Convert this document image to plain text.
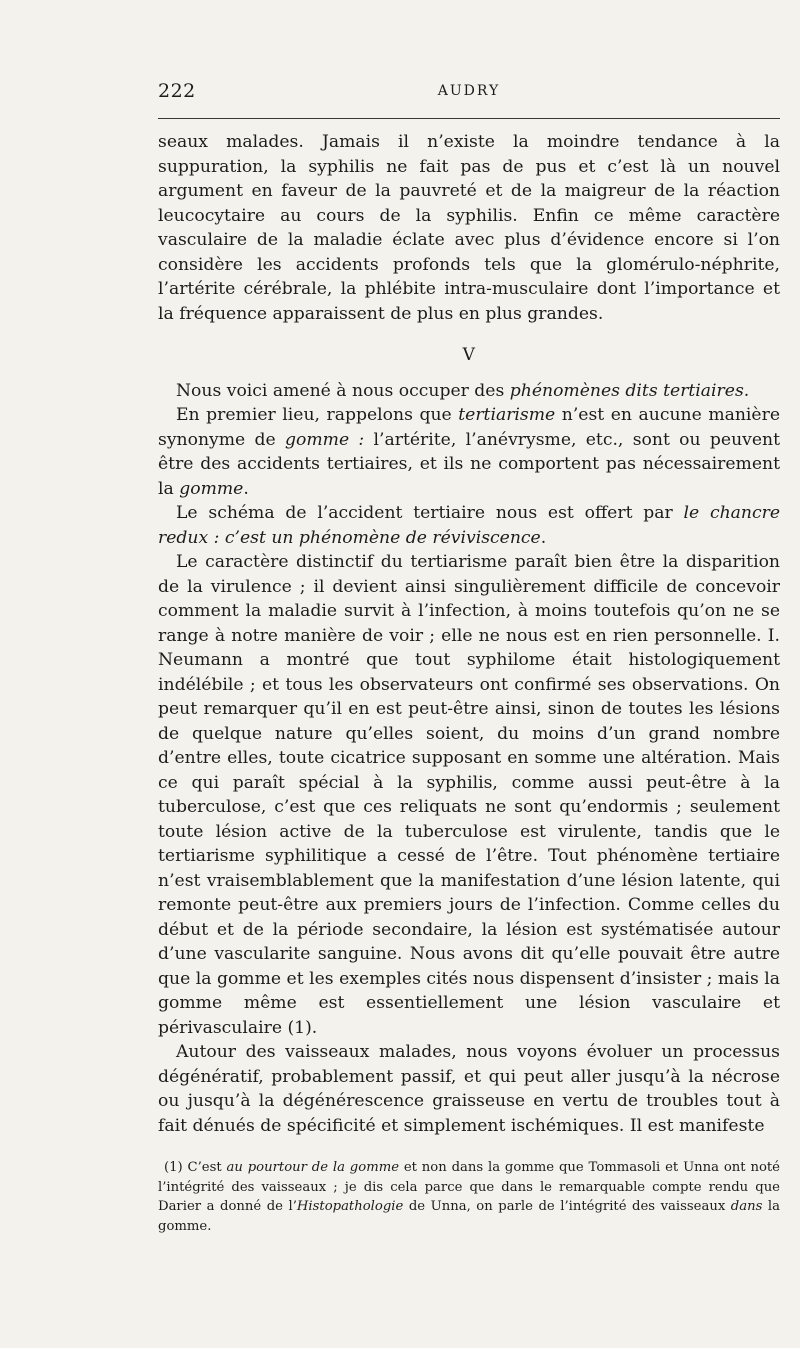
222	AUDRY

seaux malades. Jamais il n’existe la moindre tendance à la suppuration, la syphilis ne fait pas de pus et c’est là un nouvel argument en faveur de la pauvreté et de la maigreur de la réaction leucocytaire au cours de la syphilis. Enfin ce même caractère vasculaire de la maladie éclate avec plus d’évidence encore si l’on considère les accidents profonds tels que la glomérulo-néphrite, l’artérite cérébrale, la phlébite intra-musculaire dont l’importance et la fréquence apparaissent de plus en plus grandes.

V

Nous voici amené à nous occuper des phénomènes dits tertiaires.

En premier lieu, rappelons que tertiarisme n’est en aucune manière synonyme de gomme : l’artérite, l’anévrysme, etc., sont ou peuvent être des accidents tertiaires, et ils ne comportent pas nécessairement la gomme.

Le schéma de l’accident tertiaire nous est offert par le chancre redux : c’est un phénomène de réviviscence.

Le caractère distinctif du tertiarisme paraît bien être la disparition de la virulence ; il devient ainsi singulièrement difficile de concevoir comment la maladie survit à l’infection, à moins toutefois qu’on ne se range à notre manière de voir ; elle ne nous est en rien personnelle. I. Neumann a montré que tout syphilome était histologiquement indélébile ; et tous les observateurs ont confirmé ses observations. On peut remarquer qu’il en est peut-être ainsi, sinon de toutes les lésions de quelque nature qu’elles soient, du moins d’un grand nombre d’entre elles, toute cicatrice supposant en somme une altération. Mais ce qui paraît spécial à la syphilis, comme aussi peut-être à la tuberculose, c’est que ces reliquats ne sont qu’endormis ; seulement toute lésion active de la tuberculose est virulente, tandis que le tertiarisme syphilitique a cessé de l’être. Tout phénomène tertiaire n’est vraisemblablement que la manifestation d’une lésion latente, qui remonte peut-être aux premiers jours de l’infection. Comme celles du début et de la période secondaire, la lésion est systématisée autour d’une vascularite sanguine. Nous avons dit qu’elle pouvait être autre que la gomme et les exemples cités nous dispensent d’insister ; mais la gomme même est essentiellement une lésion vasculaire et périvasculaire (1).

Autour des vaisseaux malades, nous voyons évoluer un processus dégénératif, probablement passif, et qui peut aller jusqu’à la nécrose ou jusqu’à la dégénérescence graisseuse en vertu de troubles tout à fait dénués de spécificité et simplement ischémiques. Il est manifeste

(1) C’est au pourtour de la gomme et non dans la gomme que Tommasoli et Unna ont noté l’intégrité des vaisseaux ; je dis cela parce que dans le remarquable compte rendu que Darier a donné de l’Histopathologie de Unna, on parle de l’intégrité des vaisseaux dans la gomme.
